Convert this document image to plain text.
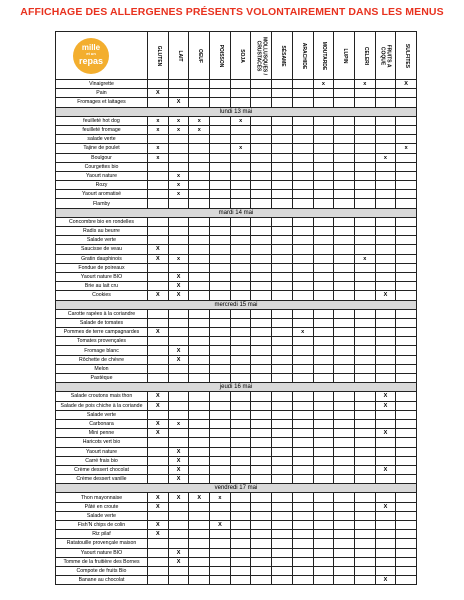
AFFICHAGE DES ALLERGENES PRÉSENTS VOLONTAIREMENT DANS LES MENUS
mille
et un
repas	GLUTEN	LAIT	OEUF	POISSON	SOJA	MOLLUSQUES /
CRUSTACÉS	SÉSAME	ARACHIDE	MOUTARDE	LUPIN	CELERI	FRUITS A
COQUE	SULFITES

Vinaigrette									x		x		X
Pain	X												
Fromages et laitages		X											
lundi 13 mai													
feuilleté hot dog	x	x	x		x								
feuilleté fromage	x	x	x										
salade verte													
Tajine de poulet	x				x								x
Boulgour	x											x	
Courgettes bio													
Yaourt nature		x											
Rozy		x											
Yaourt aromatisé		x											
Flamby													
mardi 14 mai													
Concombre bio en rondelles													
Radis au beurre													
Salade verte													
Saucisse de veau	X												
Gratin dauphinois	X	x									x		
Fondue de poireaux													
Yaourt nature BIO		X											
Brie au lait cru		X											
Cookies	X	X										X	
mercredi 15 mai													
Carotte rapées à la coriandre													
Salade de tomates													
Pommes de terre campagnardes	X							x					
Tomates provençales													
Fromage blanc		X											
Rôchette de chèvre		X											
Melon													
Pastèque													
jeudi 16 mai													
Salade croutons mais thon	X											X	
Salade de pois chiche à la coriande	X											X	
Salade verte													
Carbonara	X	x											
Mini penne	X											X	
Haricots vert bio													
Yaourt nature		X											
Carré frais bio		X											
Crème dessert chocolat		X										X	
Crème dessert vanille		X											
vendredi 17 mai													
Thon mayonnaise	X	X	X	x									
Pâté en croute	X											X	
Salade verte													
Fish'N chips de colin	X			X									
Riz pilaf	X												
Ratatouille provençale maison													
Yaourt nature BIO		X											
Tomme de la fruitière des Bornes		X											
Compote de fruits Bio													
Banane au chocolat												X	
